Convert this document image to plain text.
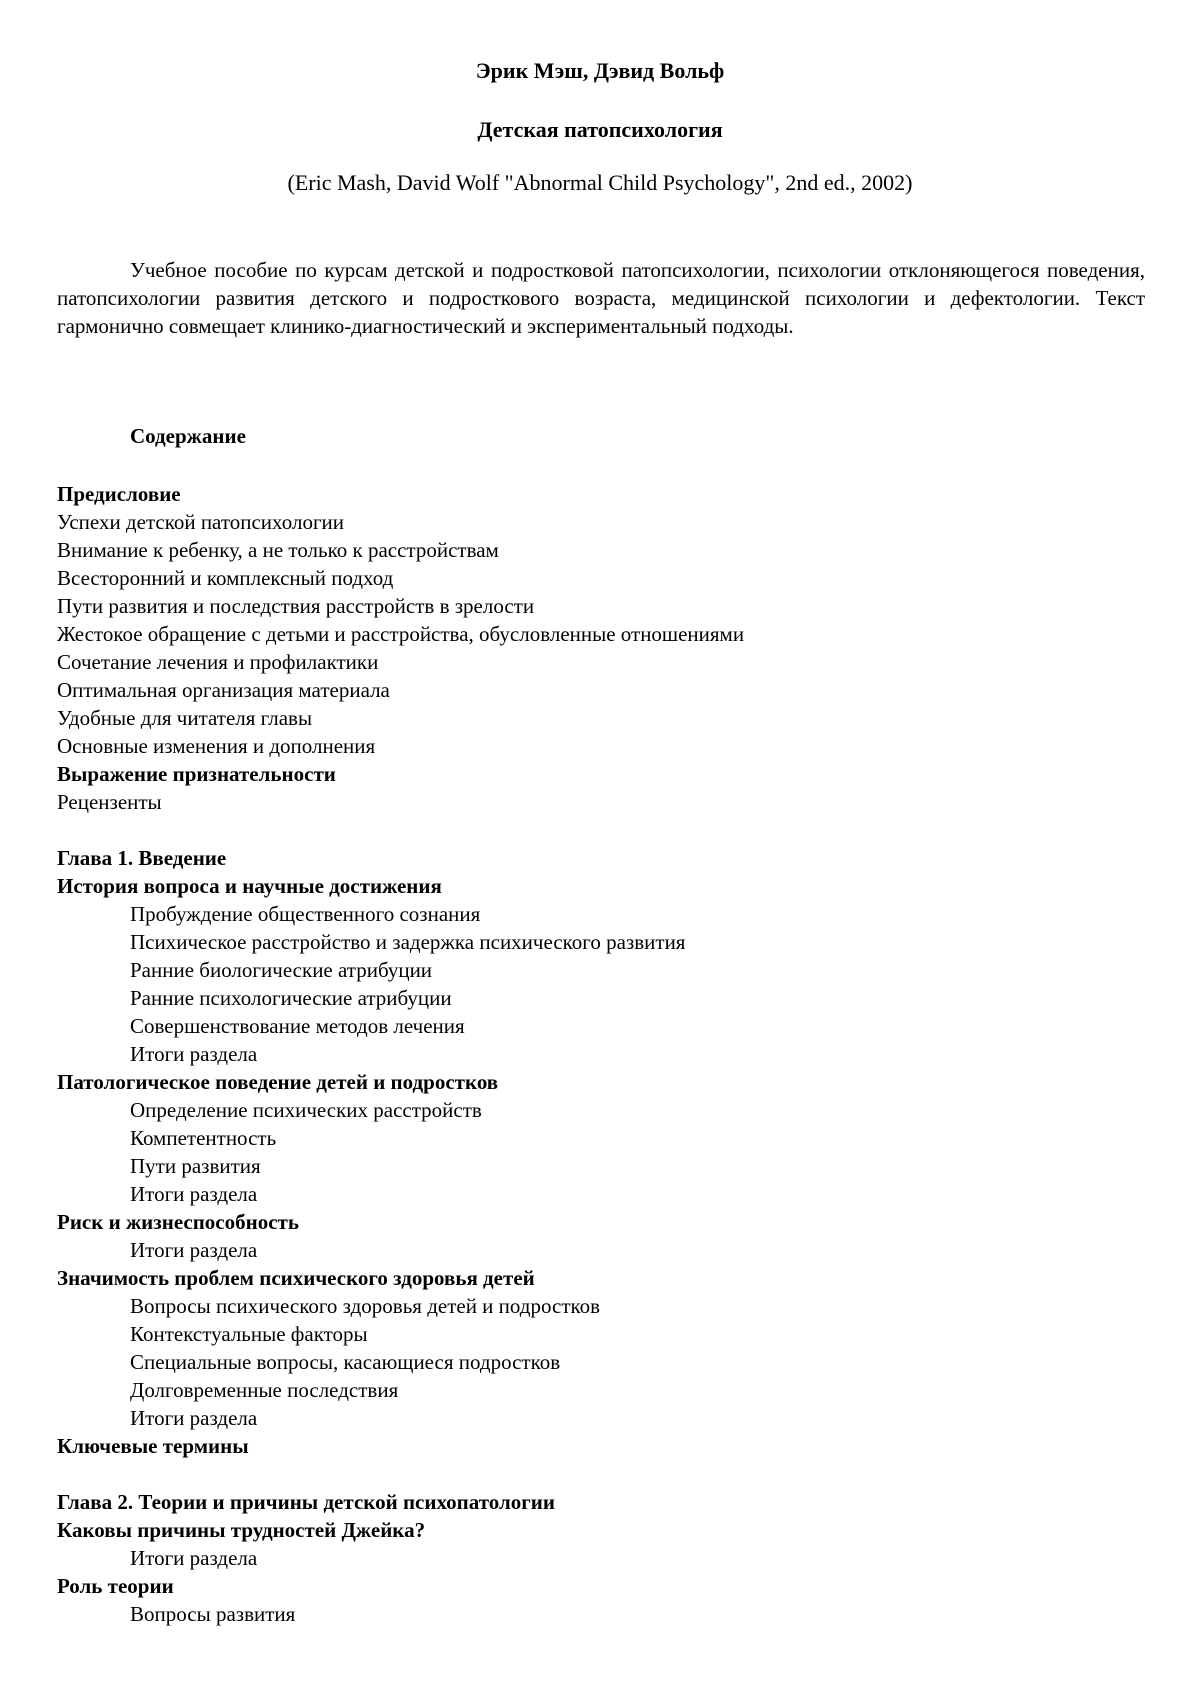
Эрик Мэш, Дэвид Вольф
Детская патопсихология
(Eric Mash, David Wolf "Abnormal Child Psychology", 2nd ed., 2002)

Учебное пособие по курсам детской и подростковой патопсихологии, психологии отклоняющегося поведения, патопсихологии развития детского и подросткового возраста, медицинской психологии и дефектологии. Текст гармонично совмещает клинико-диагностический и экспериментальный подходы.

Содержание
Предисловие
Успехи детской патопсихологии
Внимание к ребенку, а не только к расстройствам
Всесторонний и комплексный подход
Пути развития и последствия расстройств в зрелости
Жестокое обращение с детьми и расстройства, обусловленные отношениями
Сочетание лечения и профилактики
Оптимальная организация материала
Удобные для читателя главы
Основные изменения и дополнения
Выражение признательности
Рецензенты
Глава 1. Введение
История вопроса и научные достижения
Пробуждение общественного сознания
Психическое расстройство и задержка психического развития
Ранние биологические атрибуции
Ранние психологические атрибуции
Совершенствование методов лечения
Итоги раздела
Патологическое поведение детей и подростков
Определение психических расстройств
Компетентность
Пути развития
Итоги раздела
Риск и жизнеспособность
Итоги раздела
Значимость проблем психического здоровья детей
Вопросы психического здоровья детей и подростков
Контекстуальные факторы
Специальные вопросы, касающиеся подростков
Долговременные последствия
Итоги раздела
Ключевые термины
Глава 2. Теории и причины детской психопатологии
Каковы причины трудностей Джейка?
Итоги раздела
Роль теории
Вопросы развития
